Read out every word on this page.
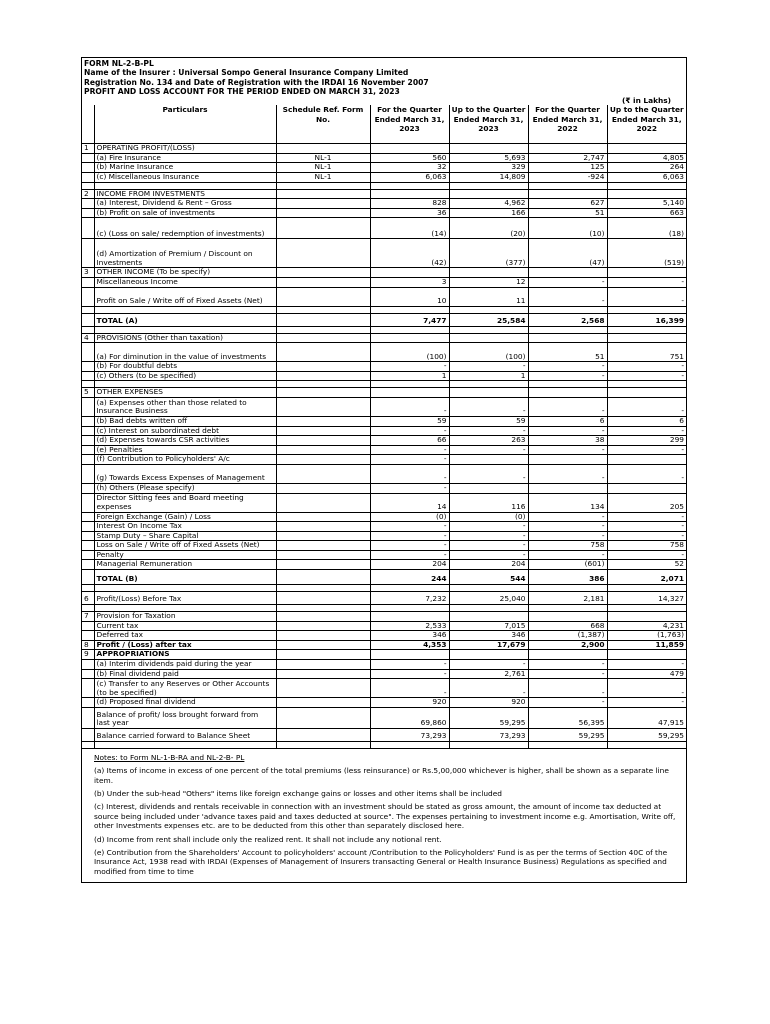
FORM NL-2-B-PL
Name of the Insurer : Universal Sompo General Insurance Company Limited
Registration No. 134 and Date of Registration with the IRDAI 16 November 2007
PROFIT AND LOSS ACCOUNT FOR THE PERIOD ENDED ON MARCH 31, 2023
						(₹ in Lakhs)
	Particulars	Schedule Ref. Form No.	For the Quarter Ended March 31, 2023	Up to the Quarter Ended March 31, 2023	For the Quarter Ended March 31, 2022	Up to the Quarter Ended March 31, 2022
1	OPERATING PROFIT/(LOSS)					
	(a) Fire Insurance	NL-1	560	5,693	2,747	4,805
	(b) Marine Insurance	NL-1	32	329	125	264
	(c) Miscellaneous Insurance	NL-1	6,063	14,809	-924	6,063

2	INCOME FROM INVESTMENTS					
	(a) Interest, Dividend & Rent – Gross		828	4,962	627	5,140
	(b) Profit on sale of investments		36	166	51	663
	(c) (Loss on sale/ redemption of investments)		(14)	(20)	(10)	(18)
	(d) Amortization of Premium / Discount on Investments		(42)	(377)	(47)	(519)
3	OTHER INCOME (To be specify)					
	Miscellaneous Income		3	12	-	-
	Profit on Sale / Write off of Fixed Assets (Net)		10	11	-	-

	TOTAL (A)		7,477	25,584	2,568	16,399

4	PROVISIONS (Other than taxation)					
	(a) For diminution in the value of investments		(100)	(100)	51	751
	(b) For doubtful debts		-	-	-	-
	(c) Others (to be specified)		1	1	-	-

5	OTHER EXPENSES					
	(a) Expenses other than those related to Insurance Business		-	-	-	-
	(b) Bad debts written off		59	59	6	6
	(c) Interest on subordinated debt		-	-	-	-
	(d) Expenses towards CSR activities		66	263	38	299
	(e) Penalties		-	-	-	-
	(f) Contribution to Policyholders' A/c		-			
	(g) Towards Excess Expenses of Management		-	-	-	-
	(h) Others (Please specify)		-			
	Director Sitting fees and Board meeting expenses		14	116	134	205
	Foreign Exchange (Gain) / Loss		(0)	(0)	-	-
	Interest On Income Tax		-	-	-	-
	Stamp Duty – Share Capital		-	-	-	-
	Loss on Sale / Write off of Fixed Assets (Net)		-	-	758	758
	Penalty		-	-	-	-
	Managerial Remuneration		204	204	(601)	52
	TOTAL (B)		244	544	386	2,071

6	Profit/(Loss) Before Tax		7,232	25,040	2,181	14,327

7	Provision for Taxation					
	Current tax		2,533	7,015	668	4,231
	Deferred tax		346	346	(1,387)	(1,763)
8	Profit / (Loss) after tax		4,353	17,679	2,900	11,859
9	APPROPRIATIONS					
	(a) Interim dividends paid during the year		-	-	-	-
	(b) Final dividend paid		-	2,761	-	479
	(c) Transfer to any Reserves or Other Accounts (to be specified)		-	-	-	-
	(d) Proposed final dividend		920	920	-	-
	Balance of profit/ loss brought forward from last year		69,860	59,295	56,395	47,915
	Balance carried forward to Balance Sheet		73,293	73,293	59,295	59,295

Notes: to Form NL-1-B-RA and NL-2-B- PL

(a) Items of income in excess of one percent of the total premiums (less reinsurance) or Rs.5,00,000 whichever is higher, shall be shown as a separate line item.

(b) Under the sub-head "Others" items like foreign exchange gains or losses and other items shall be included

(c) Interest, dividends and rentals receivable in connection with an investment should be stated as gross amount, the amount of income tax deducted at source being included under 'advance taxes paid and taxes deducted at source". The expenses pertaining to investment income e.g. Amortisation, Write off, other Investments expenses etc. are to be deducted from this other than separately disclosed here.

(d) Income from rent shall include only the realized rent. It shall not include any notional rent.

(e) Contribution from the Shareholders' Account to policyholders' account /Contribution to the Policyholders' Fund is as per the terms of Section 40C of the Insurance Act, 1938 read with IRDAI (Expenses of Management of Insurers transacting General or Health Insurance Business) Regulations as specified and modified from time to time
